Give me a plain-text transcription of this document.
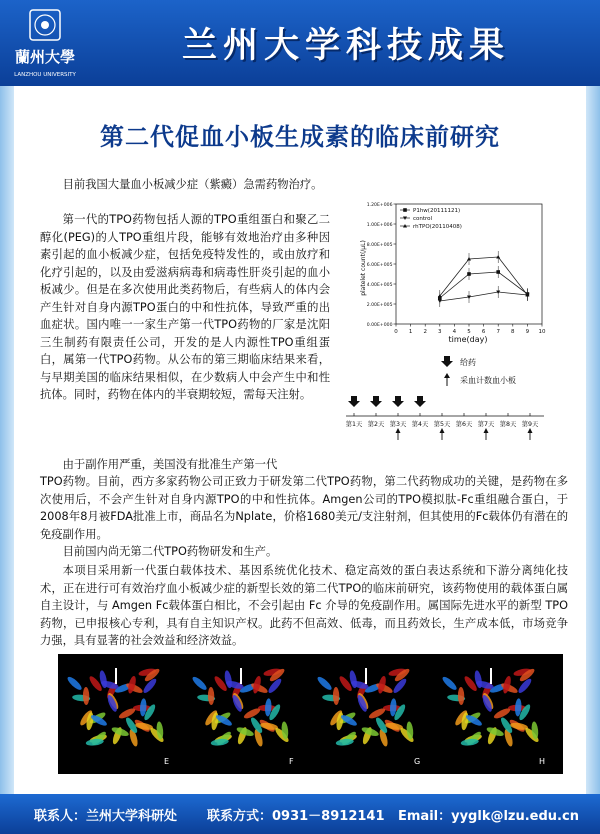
蘭州大學
LANZHOU UNIVERSITY
兰州大学科技成果
第二代促血小板生成素的临床前研究

目前我国大量血小板减少症（紫癜）急需药物治疗。

第一代的TPO药物包括人源的TPO重组蛋白和聚乙二醇化(PEG)的人TPO重组片段，能够有效地治疗由多种因素引起的血小板减少症，包括免疫特发性的，或由放疗和化疗引起的，以及由爱滋病病毒和病毒性肝炎引起的血小板减少。但是在多次使用此类药物后，有些病人的体内会产生针对自身内源TPO蛋白的中和性抗体，导致严重的出血症状。国内唯一一家生产第一代TPO药物的厂家是沈阳三生制药有限责任公司，开发的是人内源性TPO重组蛋白，属第一代TPO药物。从公布的第三期临床结果来看，与早期美国的临床结果相似，在少数病人中会产生中和性抗体。同时，药物在体内的半衰期较短，需每天注射。

由于副作用严重，美国没有批准生产第一代

TPO药物。目前，西方多家药物公司正致力于研发第二代TPO药物，第二代药物成功的关键，是药物在多次使用后，不会产生针对自身内源TPO的中和性抗体。Amgen公司的TPO模拟肽-Fc重组融合蛋白，于2008年8月被FDA批准上市，商品名为Nplate，价格1680美元/支注射剂，但其使用的Fc载体仍有潜在的免疫副作用。

目前国内尚无第二代TPO药物研发和生产。

本项目采用新一代蛋白载体技术、基因系统优化技术、稳定高效的蛋白表达系统和下游分离纯化技术，正在进行可有效治疗血小板减少症的新型长效的第二代TPO的临床前研究，该药物使用的载体蛋白属自主设计，与 Amgen Fc载体蛋白相比，不会引起由 Fc 介导的免疫副作用。属国际先进水平的新型 TPO 药物，已申报核心专利，具有自主知识产权。此药不但高效、低毒，而且药效长，生产成本低，市场竞争力强，具有显著的社会效益和经济效益。

0 1 2 3 4 5 6 7 8 9 10
0.00E+000
2.00E+005
4.00E+005
6.00E+005
8.00E+005
1.00E+006
1.20E+006
P1hw(20111121)
control
rhTPO(20110408)
time(day)
platelet count(/μL)
给药
采血计数血小板
第1天 第2天 第3天 第4天 第5天 第6天 第7天 第8天 第9天
E	F	G	H
联系人：兰州大学科研处 联系方式：0931－8912141 Email：yyglk@lzu.edu.cn
